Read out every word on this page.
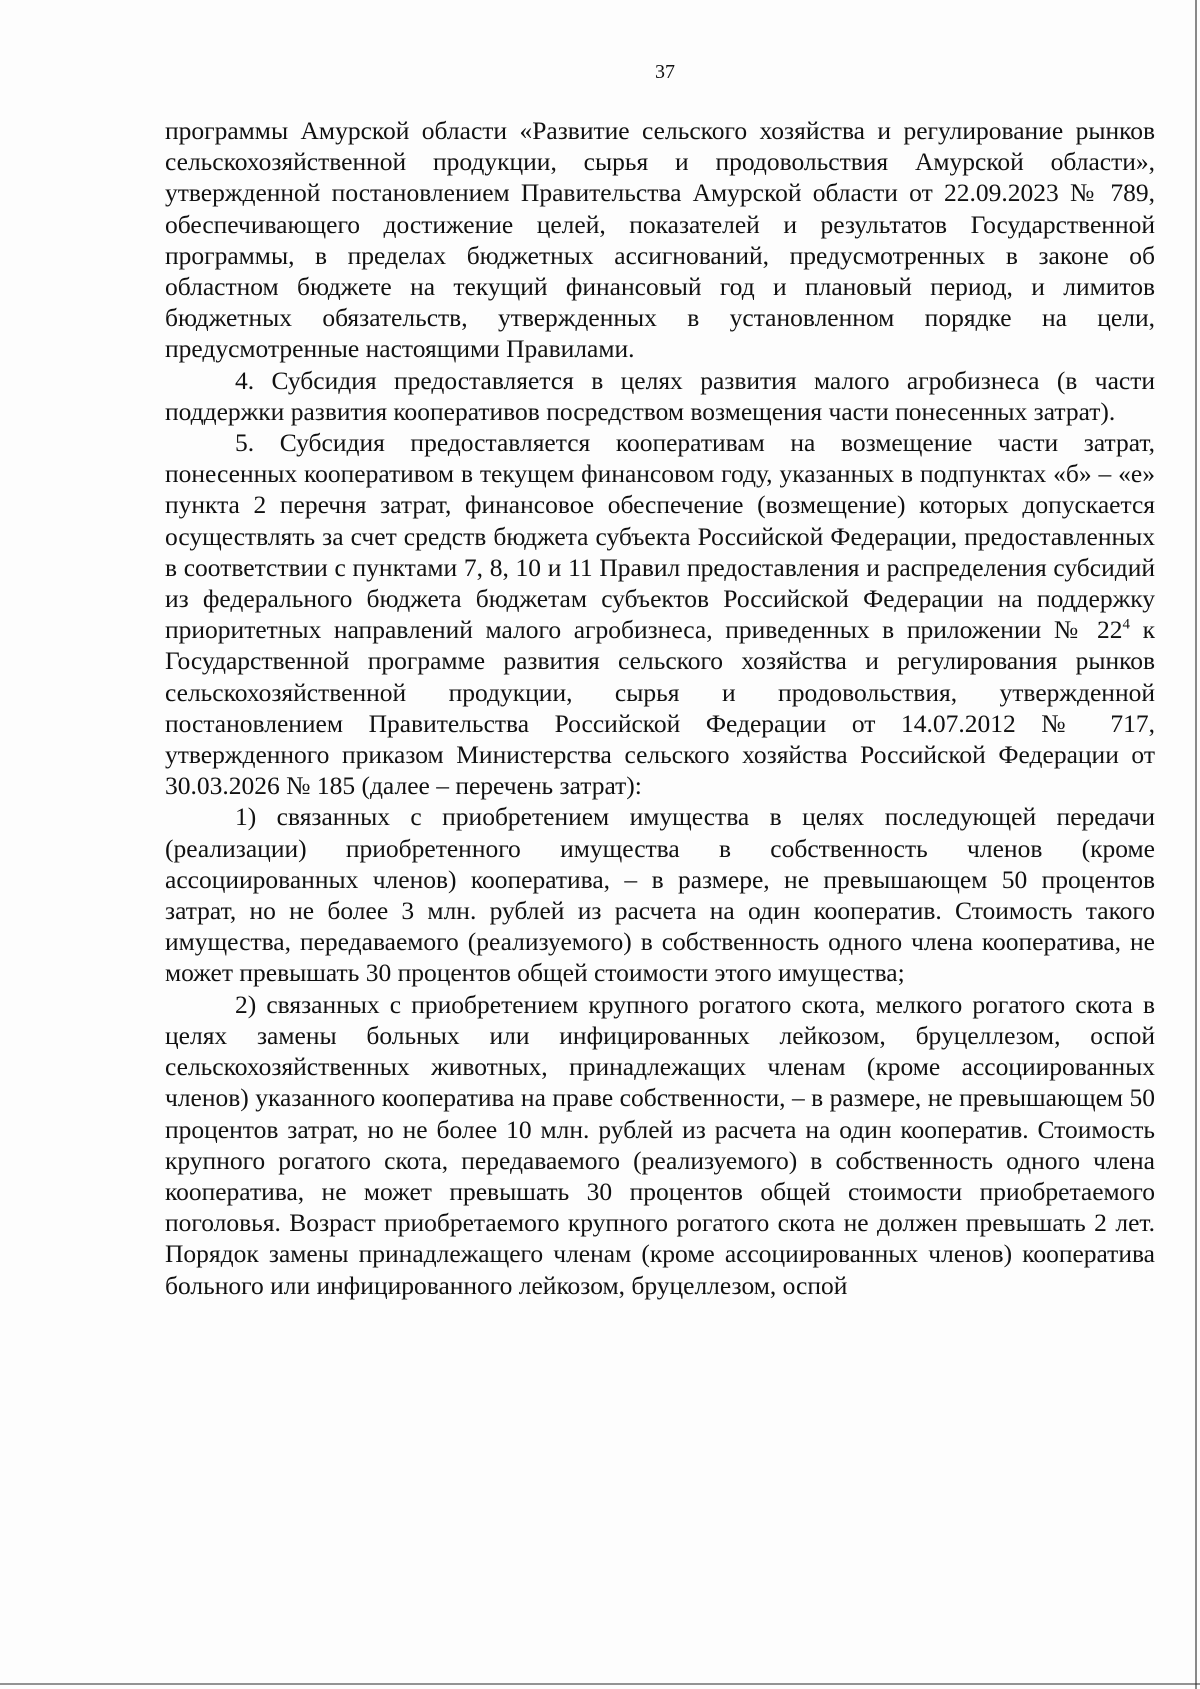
37

программы Амурской области «Развитие сельского хозяйства и регулирование рынков сельскохозяйственной продукции, сырья и продовольствия Амурской области», утвержденной постановлением Правительства Амурской области от 22.09.2023 № 789, обеспечивающего достижение целей, показателей и результатов Государственной программы, в пределах бюджетных ассигнований, предусмотренных в законе об областном бюджете на текущий финансовый год и плановый период, и лимитов бюджетных обязательств, утвержденных в установленном порядке на цели, предусмотренные настоящими Правилами.

4. Субсидия предоставляется в целях развития малого агробизнеса (в части поддержки развития кооперативов посредством возмещения части понесенных затрат).

5. Субсидия предоставляется кооперативам на возмещение части затрат, понесенных кооперативом в текущем финансовом году, указанных в подпунктах «б» – «е» пункта 2 перечня затрат, финансовое обеспечение (возмещение) которых допускается осуществлять за счет средств бюджета субъекта Российской Федерации, предоставленных в соответствии с пунктами 7, 8, 10 и 11 Правил предоставления и распределения субсидий из федерального бюджета бюджетам субъектов Российской Федерации на поддержку приоритетных направлений малого агробизнеса, приведенных в приложении № $22^4$ к Государственной программе развития сельского хозяйства и регулирования рынков сельскохозяйственной продукции, сырья и продовольствия, утвержденной постановлением Правительства Российской Федерации от 14.07.2012 № 717, утвержденного приказом Министерства сельского хозяйства Российской Федерации от 30.03.2026 № 185 (далее – перечень затрат):

1) связанных с приобретением имущества в целях последующей передачи (реализации) приобретенного имущества в собственность членов (кроме ассоциированных членов) кооператива, – в размере, не превышающем 50 процентов затрат, но не более 3 млн. рублей из расчета на один кооператив. Стоимость такого имущества, передаваемого (реализуемого) в собственность одного члена кооператива, не может превышать 30 процентов общей стоимости этого имущества;

2) связанных с приобретением крупного рогатого скота, мелкого рогатого скота в целях замены больных или инфицированных лейкозом, бруцеллезом, оспой сельскохозяйственных животных, принадлежащих членам (кроме ассоциированных членов) указанного кооператива на праве собственности, – в размере, не превышающем 50 процентов затрат, но не более 10 млн. рублей из расчета на один кооператив. Стоимость крупного рогатого скота, передаваемого (реализуемого) в собственность одного члена кооператива, не может превышать 30 процентов общей стоимости приобретаемого поголовья. Возраст приобретаемого крупного рогатого скота не должен превышать 2 лет. Порядок замены принадлежащего членам (кроме ассоциированных членов) кооператива больного или инфицированного лейкозом, бруцеллезом, оспой
